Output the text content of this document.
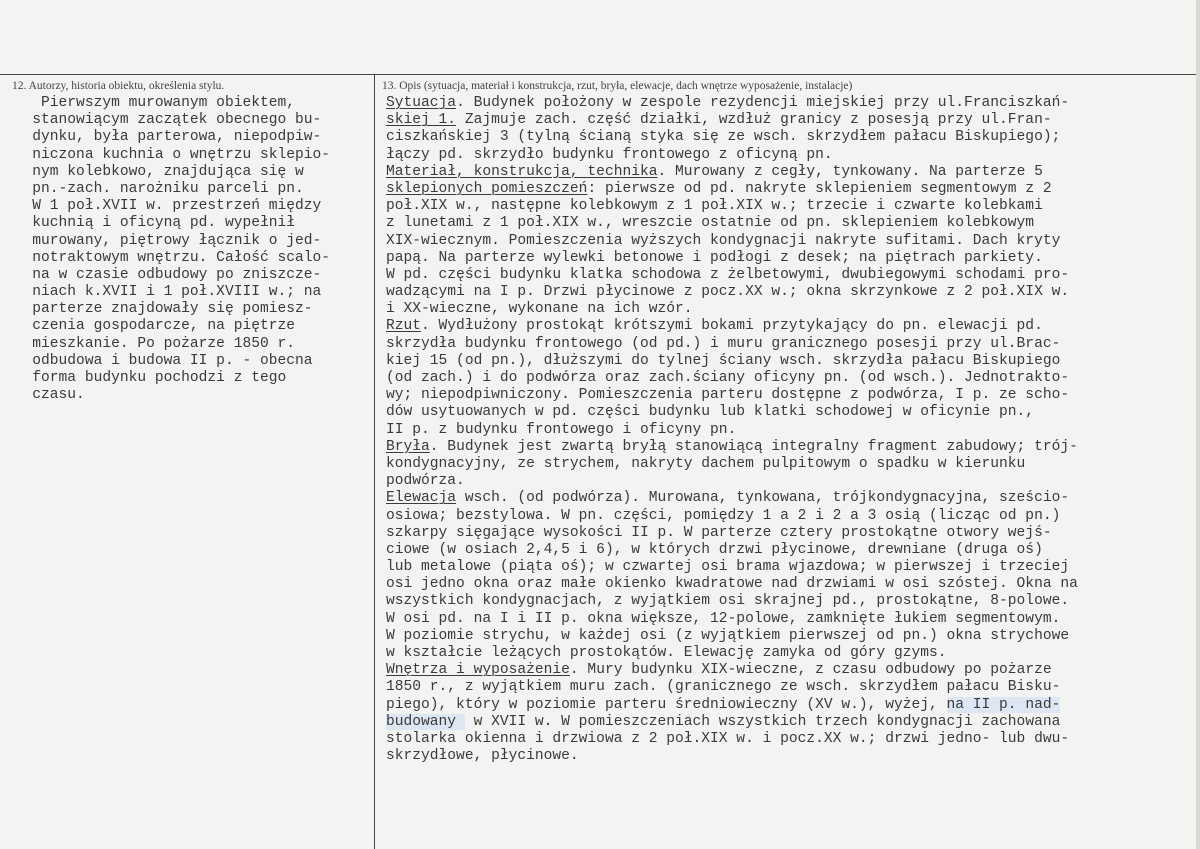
12. Autorzy, historia obiektu, określenia stylu.	13. Opis (sytuacja, materiał i konstrukcja, rzut, bryła, elewacje, dach wnętrze wyposażenie, instalacje)
Pierwszym murowanym obiektem,
stanowiącym zaczątek obecnego bu-
dynku, była parterowa, niepodpiw-
niczona kuchnia o wnętrzu sklepio-
nym kolebkowo, znajdująca się w
pn.-zach. narożniku parceli pn.
W 1 poł.XVII w. przestrzeń między
kuchnią i oficyną pd. wypełnił
murowany, piętrowy łącznik o jed-
notraktowym wnętrzu. Całość scalo-
na w czasie odbudowy po zniszcze-
niach k.XVII i 1 poł.XVIII w.; na
parterze znajdowały się pomiesz-
czenia gospodarcze, na piętrze
mieszkanie. Po pożarze 1850 r.
odbudowa i budowa II p. - obecna
forma budynku pochodzi z tego
czasu.
Sytuacja. Budynek położony w zespole rezydencji miejskiej przy ul.Franciszkań-
skiej 1. Zajmuje zach. część działki, wzdłuż granicy z posesją przy ul.Fran-
ciszkańskiej 3 (tylną ścianą styka się ze wsch. skrzydłem pałacu Biskupiego);
łączy pd. skrzydło budynku frontowego z oficyną pn.
Materiał, konstrukcja, technika. Murowany z cegły, tynkowany. Na parterze 5
sklepionych pomieszczeń: pierwsze od pd. nakryte sklepieniem segmentowym z 2
poł.XIX w., następne kolebkowym z 1 poł.XIX w.; trzecie i czwarte kolebkami
z lunetami z 1 poł.XIX w., wreszcie ostatnie od pn. sklepieniem kolebkowym
XIX-wiecznym. Pomieszczenia wyższych kondygnacji nakryte sufitami. Dach kryty
papą. Na parterze wylewki betonowe i podłogi z desek; na piętrach parkiety.
W pd. części budynku klatka schodowa z żelbetowymi, dwubiegowymi schodami pro-
wadzącymi na I p. Drzwi płycinowe z pocz.XX w.; okna skrzynkowe z 2 poł.XIX w.
i XX-wieczne, wykonane na ich wzór.
Rzut. Wydłużony prostokąt krótszymi bokami przytykający do pn. elewacji pd.
skrzydła budynku frontowego (od pd.) i muru granicznego posesji przy ul.Brac-
kiej 15 (od pn.), dłuższymi do tylnej ściany wsch. skrzydła pałacu Biskupiego
(od zach.) i do podwórza oraz zach.ściany oficyny pn. (od wsch.). Jednotrakto-
wy; niepodpiwniczony. Pomieszczenia parteru dostępne z podwórza, I p. ze scho-
dów usytuowanych w pd. części budynku lub klatki schodowej w oficynie pn.,
II p. z budynku frontowego i oficyny pn.
Bryła. Budynek jest zwartą bryłą stanowiącą integralny fragment zabudowy; trój-
kondygnacyjny, ze strychem, nakryty dachem pulpitowym o spadku w kierunku
podwórza.
Elewacja wsch. (od podwórza). Murowana, tynkowana, trójkondygnacyjna, sześcio-
osiowa; bezstylowa. W pn. części, pomiędzy 1 a 2 i 2 a 3 osią (licząc od pn.)
szkarpy sięgające wysokości II p. W parterze cztery prostokątne otwory wejś-
ciowe (w osiach 2,4,5 i 6), w których drzwi płycinowe, drewniane (druga oś)
lub metalowe (piąta oś); w czwartej osi brama wjazdowa; w pierwszej i trzeciej
osi jedno okna oraz małe okienko kwadratowe nad drzwiami w osi szóstej. Okna na
wszystkich kondygnacjach, z wyjątkiem osi skrajnej pd., prostokątne, 8-polowe.
W osi pd. na I i II p. okna większe, 12-polowe, zamknięte łukiem segmentowym.
W poziomie strychu, w każdej osi (z wyjątkiem pierwszej od pn.) okna strychowe
w kształcie leżących prostokątów. Elewację zamyka od góry gzyms.
Wnętrza i wyposażenie. Mury budynku XIX-wieczne, z czasu odbudowy po pożarze
1850 r., z wyjątkiem muru zach. (granicznego ze wsch. skrzydłem pałacu Bisku-
piego), który w poziomie parteru średniowieczny (XV w.), wyżej, na II p. nad-
budowany  w XVII w. W pomieszczeniach wszystkich trzech kondygnacji zachowana
stolarka okienna i drzwiowa z 2 poł.XIX w. i pocz.XX w.; drzwi jedno- lub dwu-
skrzydłowe, płycinowe.
